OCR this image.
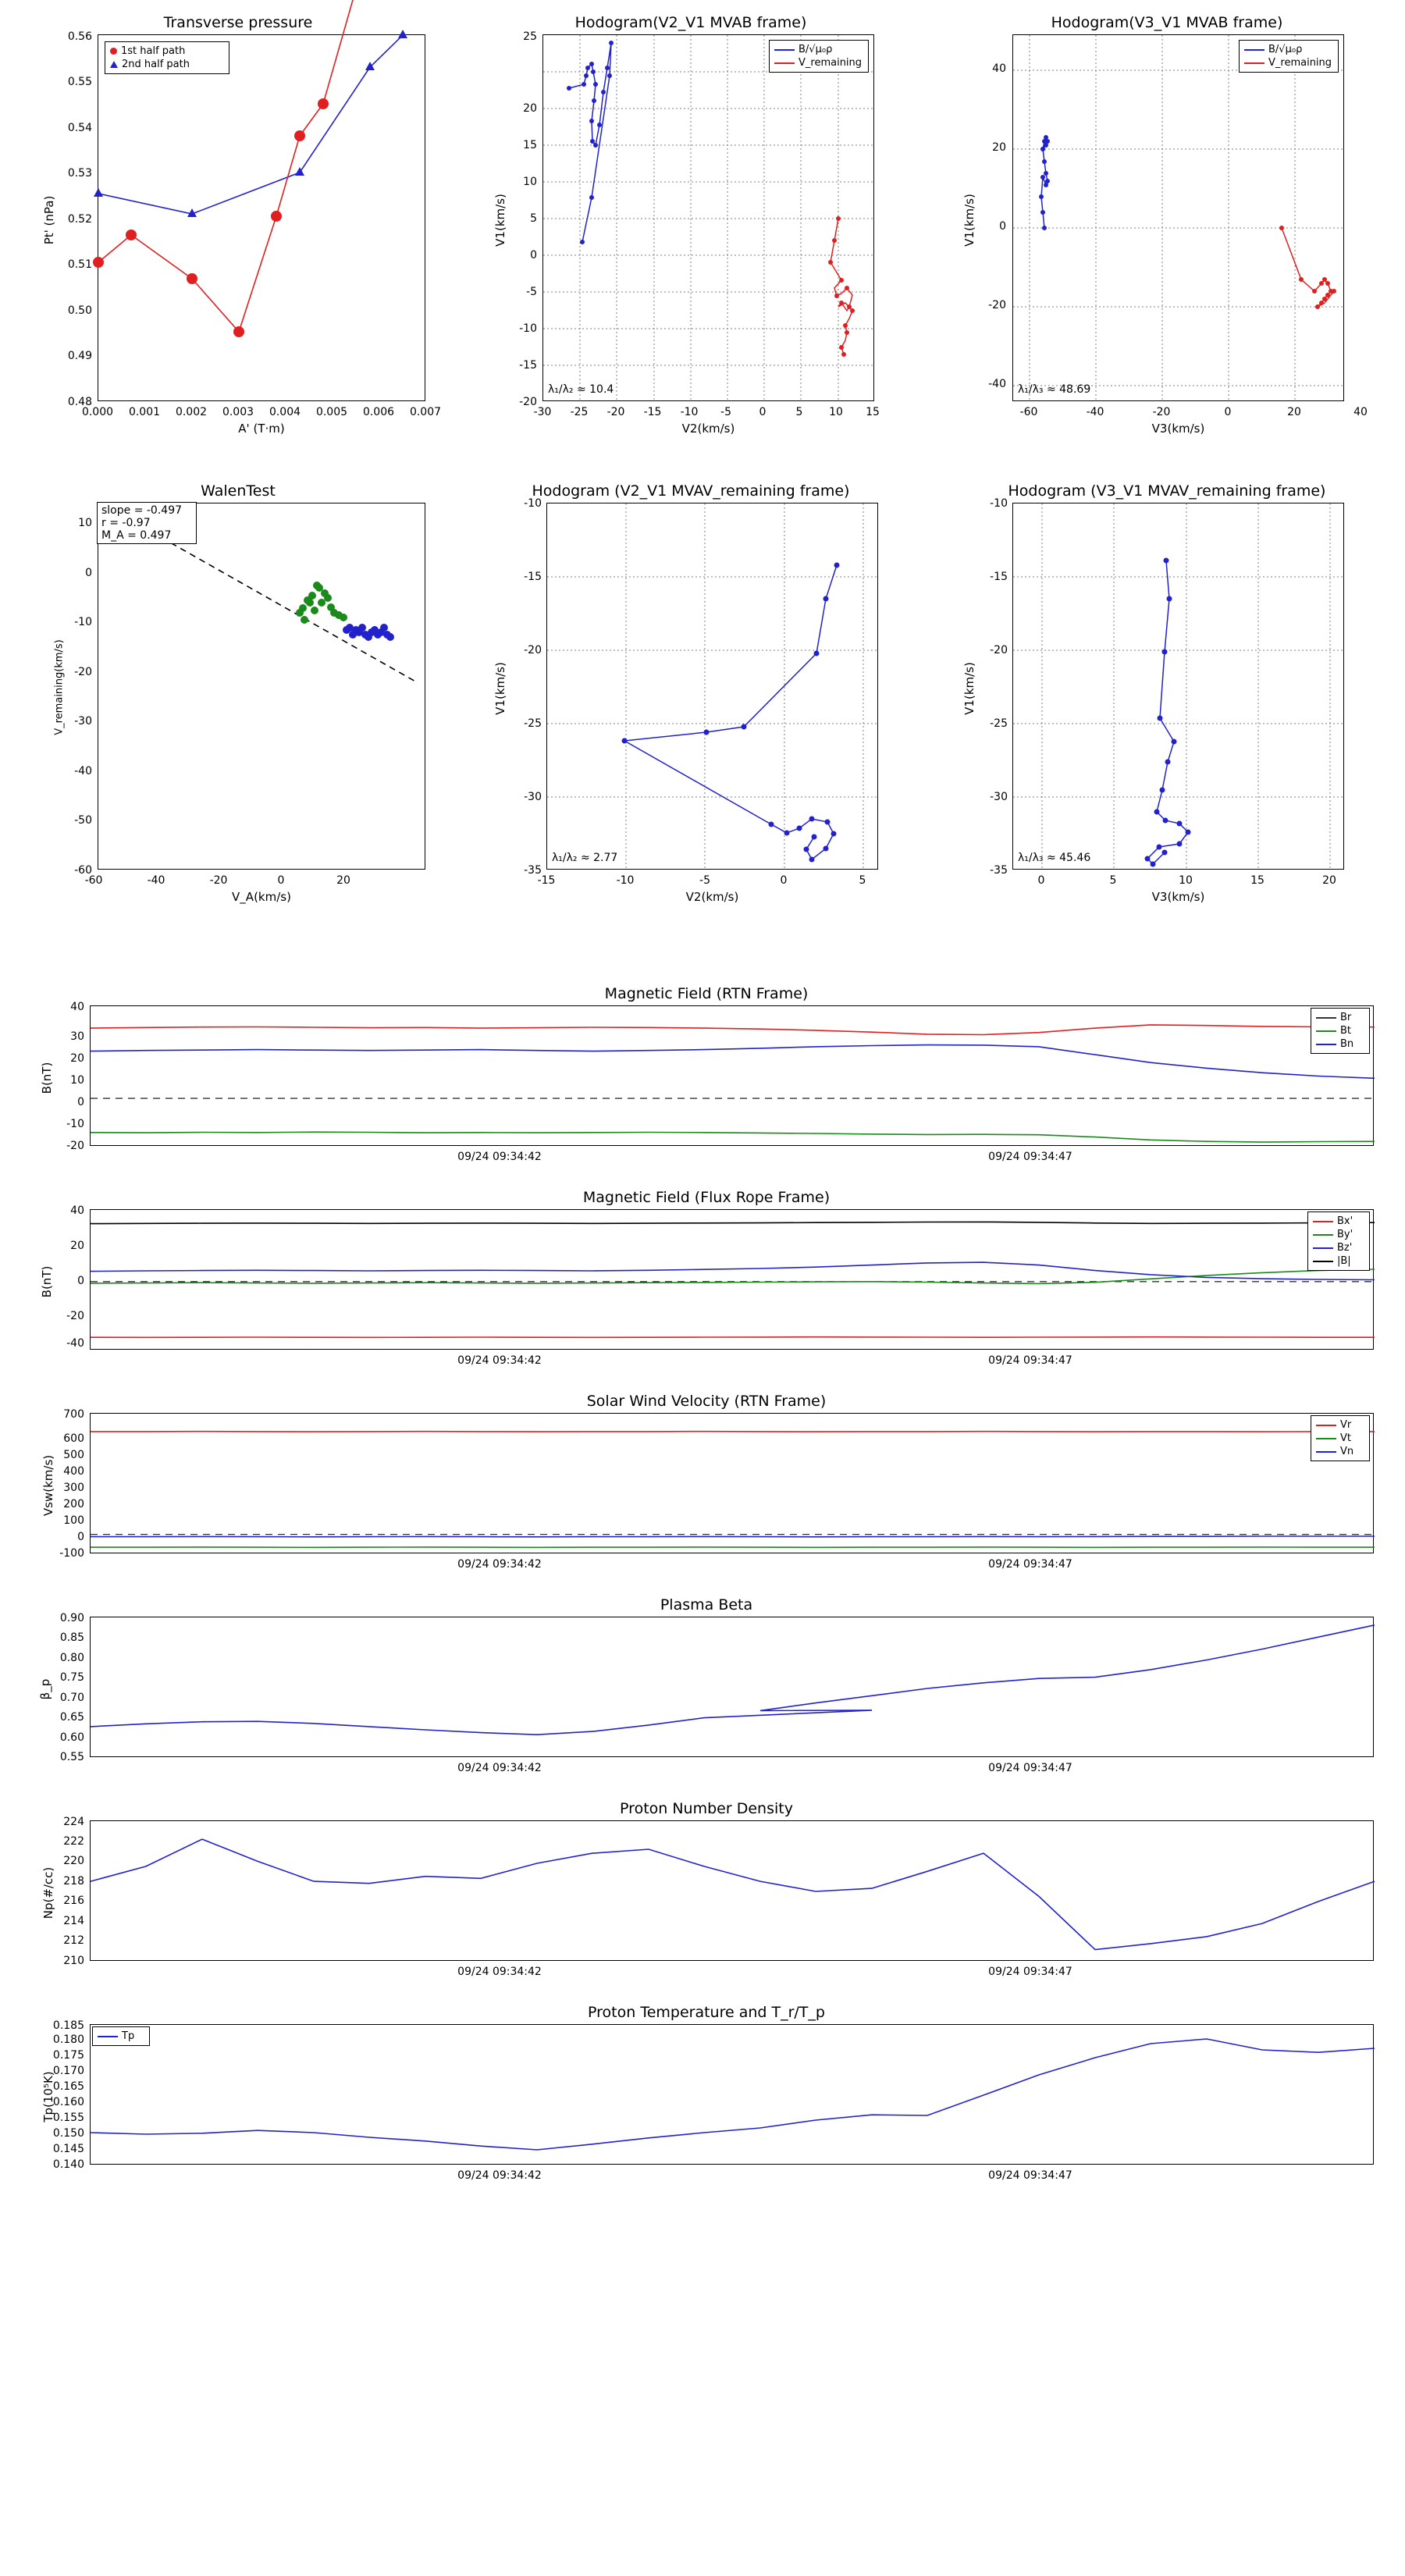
Transverse pressure
1st half path
2nd half path
0.48
0.49
0.50
0.51
0.52
0.53
0.54
0.55
0.56
0.000	0.001	0.002	0.003	0.004	0.005	0.006	0.007
A' (T·m)
Pt' (nPa)
Hodogram(V2_V1 MVAB frame)
B/√μ₀ρ
V_remaining
λ₁/λ₂ ≈ 10.4
-20
-15
-10
-5
0
5
10
15
20
25
-30	-25	-20	-15	-10	-5	0	5	10	15
V2(km/s)
V1(km/s)
Hodogram(V3_V1 MVAB frame)
B/√μ₀ρ
V_remaining
λ₁/λ₃ ≈ 48.69
-40
-20
0
20
40
-60	-40	-20	0	20	40
V3(km/s)
V1(km/s)
WalenTest
slope = -0.497
r = -0.97
M_A = 0.497
-60
-50
-40
-30
-20
-10
0
10
-60	-40	-20	0	20
V_A(km/s)
V_remaining(km/s)
Hodogram (V2_V1 MVAV_remaining frame)
λ₁/λ₂ ≈ 2.77
-35
-30
-25
-20
-15
-10
-15	-10	-5	0	5
V2(km/s)
V1(km/s)
Hodogram (V3_V1 MVAV_remaining frame)
λ₁/λ₃ ≈ 45.46
-35
-30
-25
-20
-15
-10
0	5	10	15	20
V3(km/s)
V1(km/s)
Magnetic Field (RTN Frame)
Br
Bt
Bn
-20
-10
0
10
20
30
40
09/24 09:34:42	09/24 09:34:47
B(nT)
Magnetic Field (Flux Rope Frame)
Bx'
By'
Bz'
|B|
-40
-20
0
20
40
09/24 09:34:42	09/24 09:34:47
B(nT)
Solar Wind Velocity (RTN Frame)
Vr
Vt
Vn
-100
0
100
200
300
400
500
600
700
09/24 09:34:42	09/24 09:34:47
Vsw(km/s)
Plasma Beta
0.55
0.60
0.65
0.70
0.75
0.80
0.85
0.90
09/24 09:34:42	09/24 09:34:47
β_p
Proton Number Density
210
212
214
216
218
220
222
224
09/24 09:34:42	09/24 09:34:47
Np(#/cc)
Proton Temperature and T_r/T_p
Tp
0.140
0.145
0.150
0.155
0.160
0.165
0.170
0.175
0.180
0.185
09/24 09:34:42	09/24 09:34:47
Tp(10⁵K)
